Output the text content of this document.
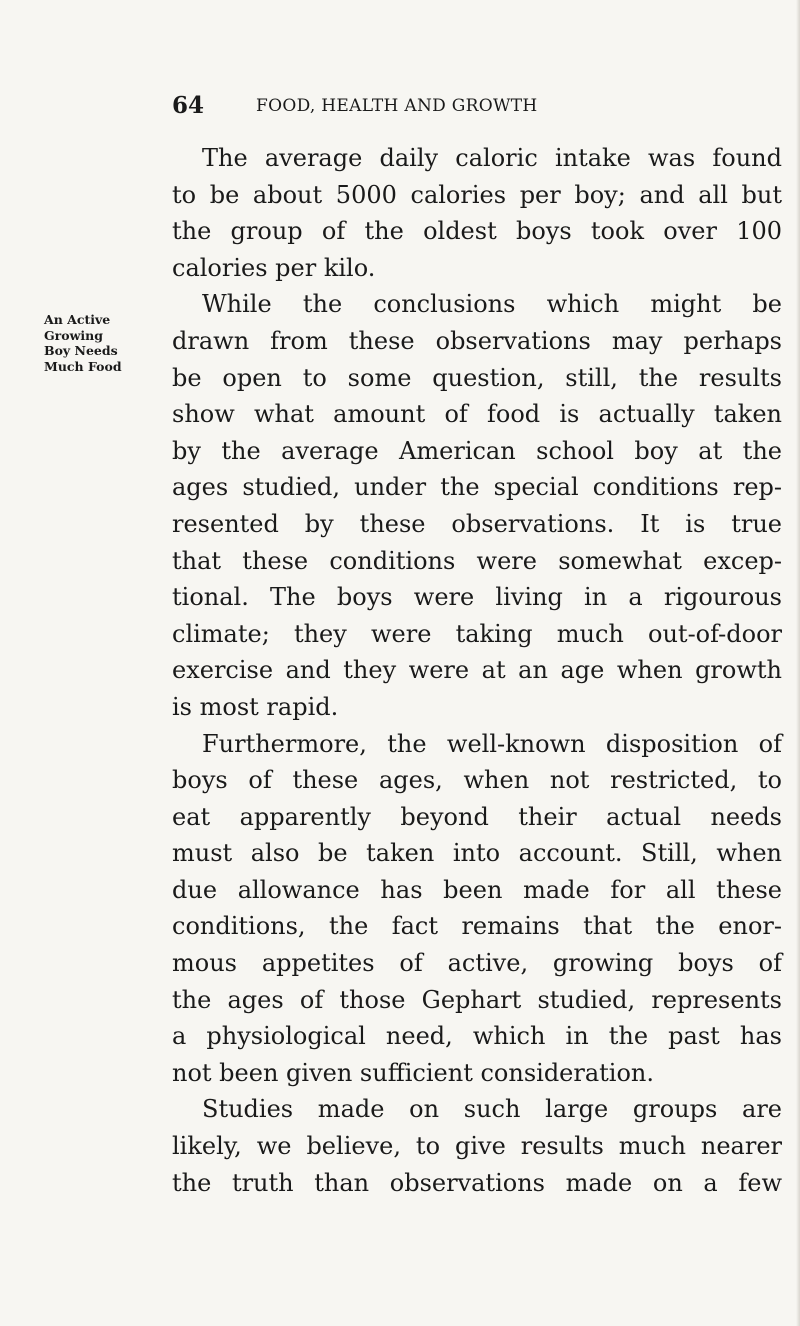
64	FOOD, HEALTH AND GROWTH
An Active
Growing
Boy Needs
Much Food
The average daily caloric intake was found
to be about 5000 calories per boy; and all but
the group of the oldest boys took over 100
calories per kilo.
While the conclusions which might be
drawn from these observations may perhaps
be open to some question, still, the results
show what amount of food is actually taken
by the average American school boy at the
ages studied, under the special conditions rep-
resented by these observations. It is true
that these conditions were somewhat excep-
tional. The boys were living in a rigourous
climate; they were taking much out-of-door
exercise and they were at an age when growth
is most rapid.
Furthermore, the well-known disposition of
boys of these ages, when not restricted, to
eat apparently beyond their actual needs
must also be taken into account. Still, when
due allowance has been made for all these
conditions, the fact remains that the enor-
mous appetites of active, growing boys of
the ages of those Gephart studied, represents
a physiological need, which in the past has
not been given sufficient consideration.
Studies made on such large groups are
likely, we believe, to give results much nearer
the truth than observations made on a few
